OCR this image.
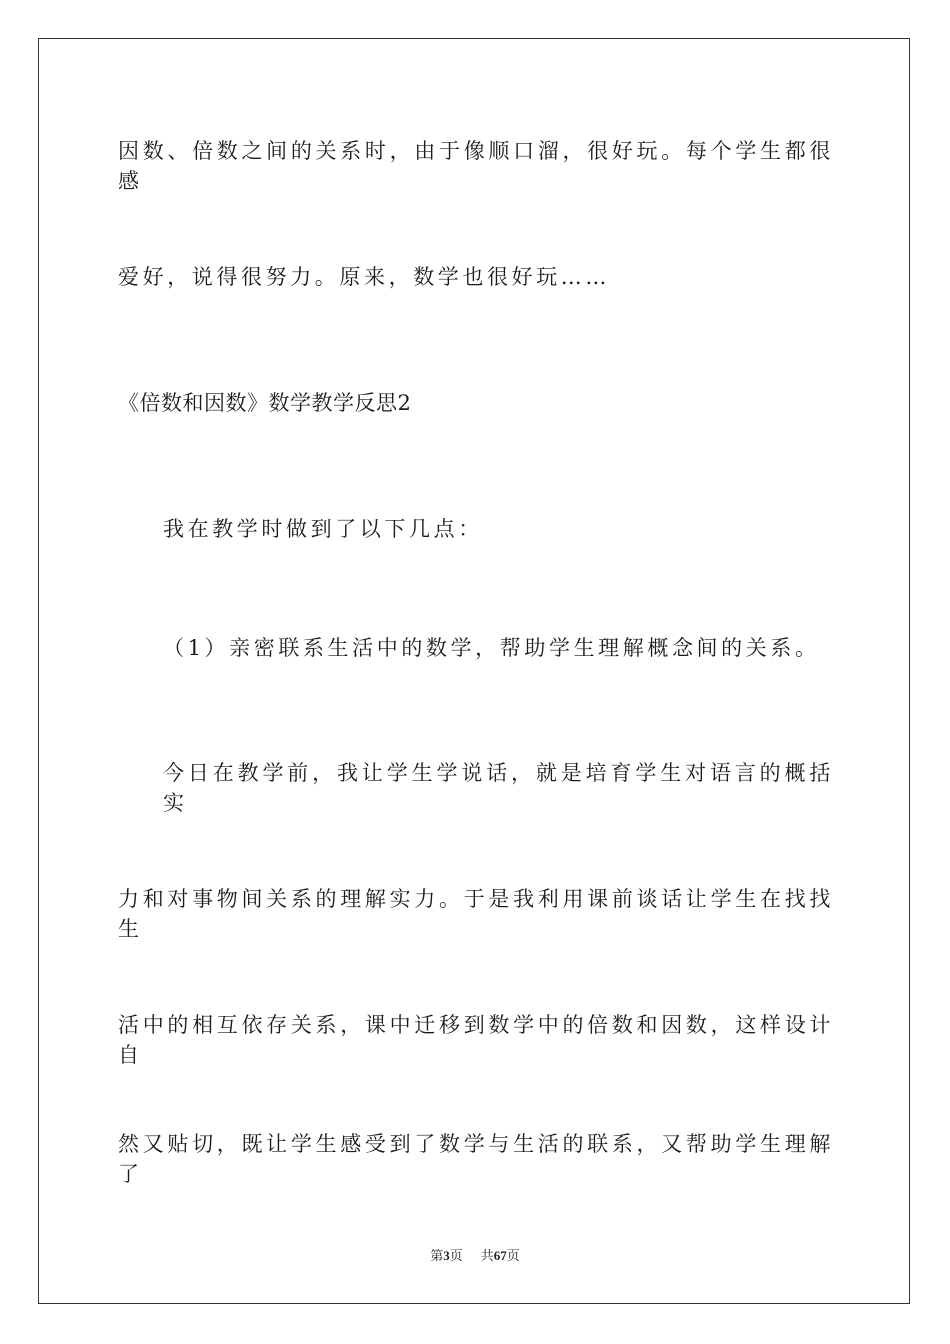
因数、倍数之间的关系时，由于像顺口溜，很好玩。每个学生都很感
爱好，说得很努力。原来，数学也很好玩……
《倍数和因数》数学教学反思2
我在教学时做到了以下几点：
（1）亲密联系生活中的数学，帮助学生理解概念间的关系。
今日在教学前，我让学生学说话，就是培育学生对语言的概括实
力和对事物间关系的理解实力。于是我利用课前谈话让学生在找找生
活中的相互依存关系，课中迁移到数学中的倍数和因数，这样设计自
然又贴切，既让学生感受到了数学与生活的联系，又帮助学生理解了
第3页 共67页
